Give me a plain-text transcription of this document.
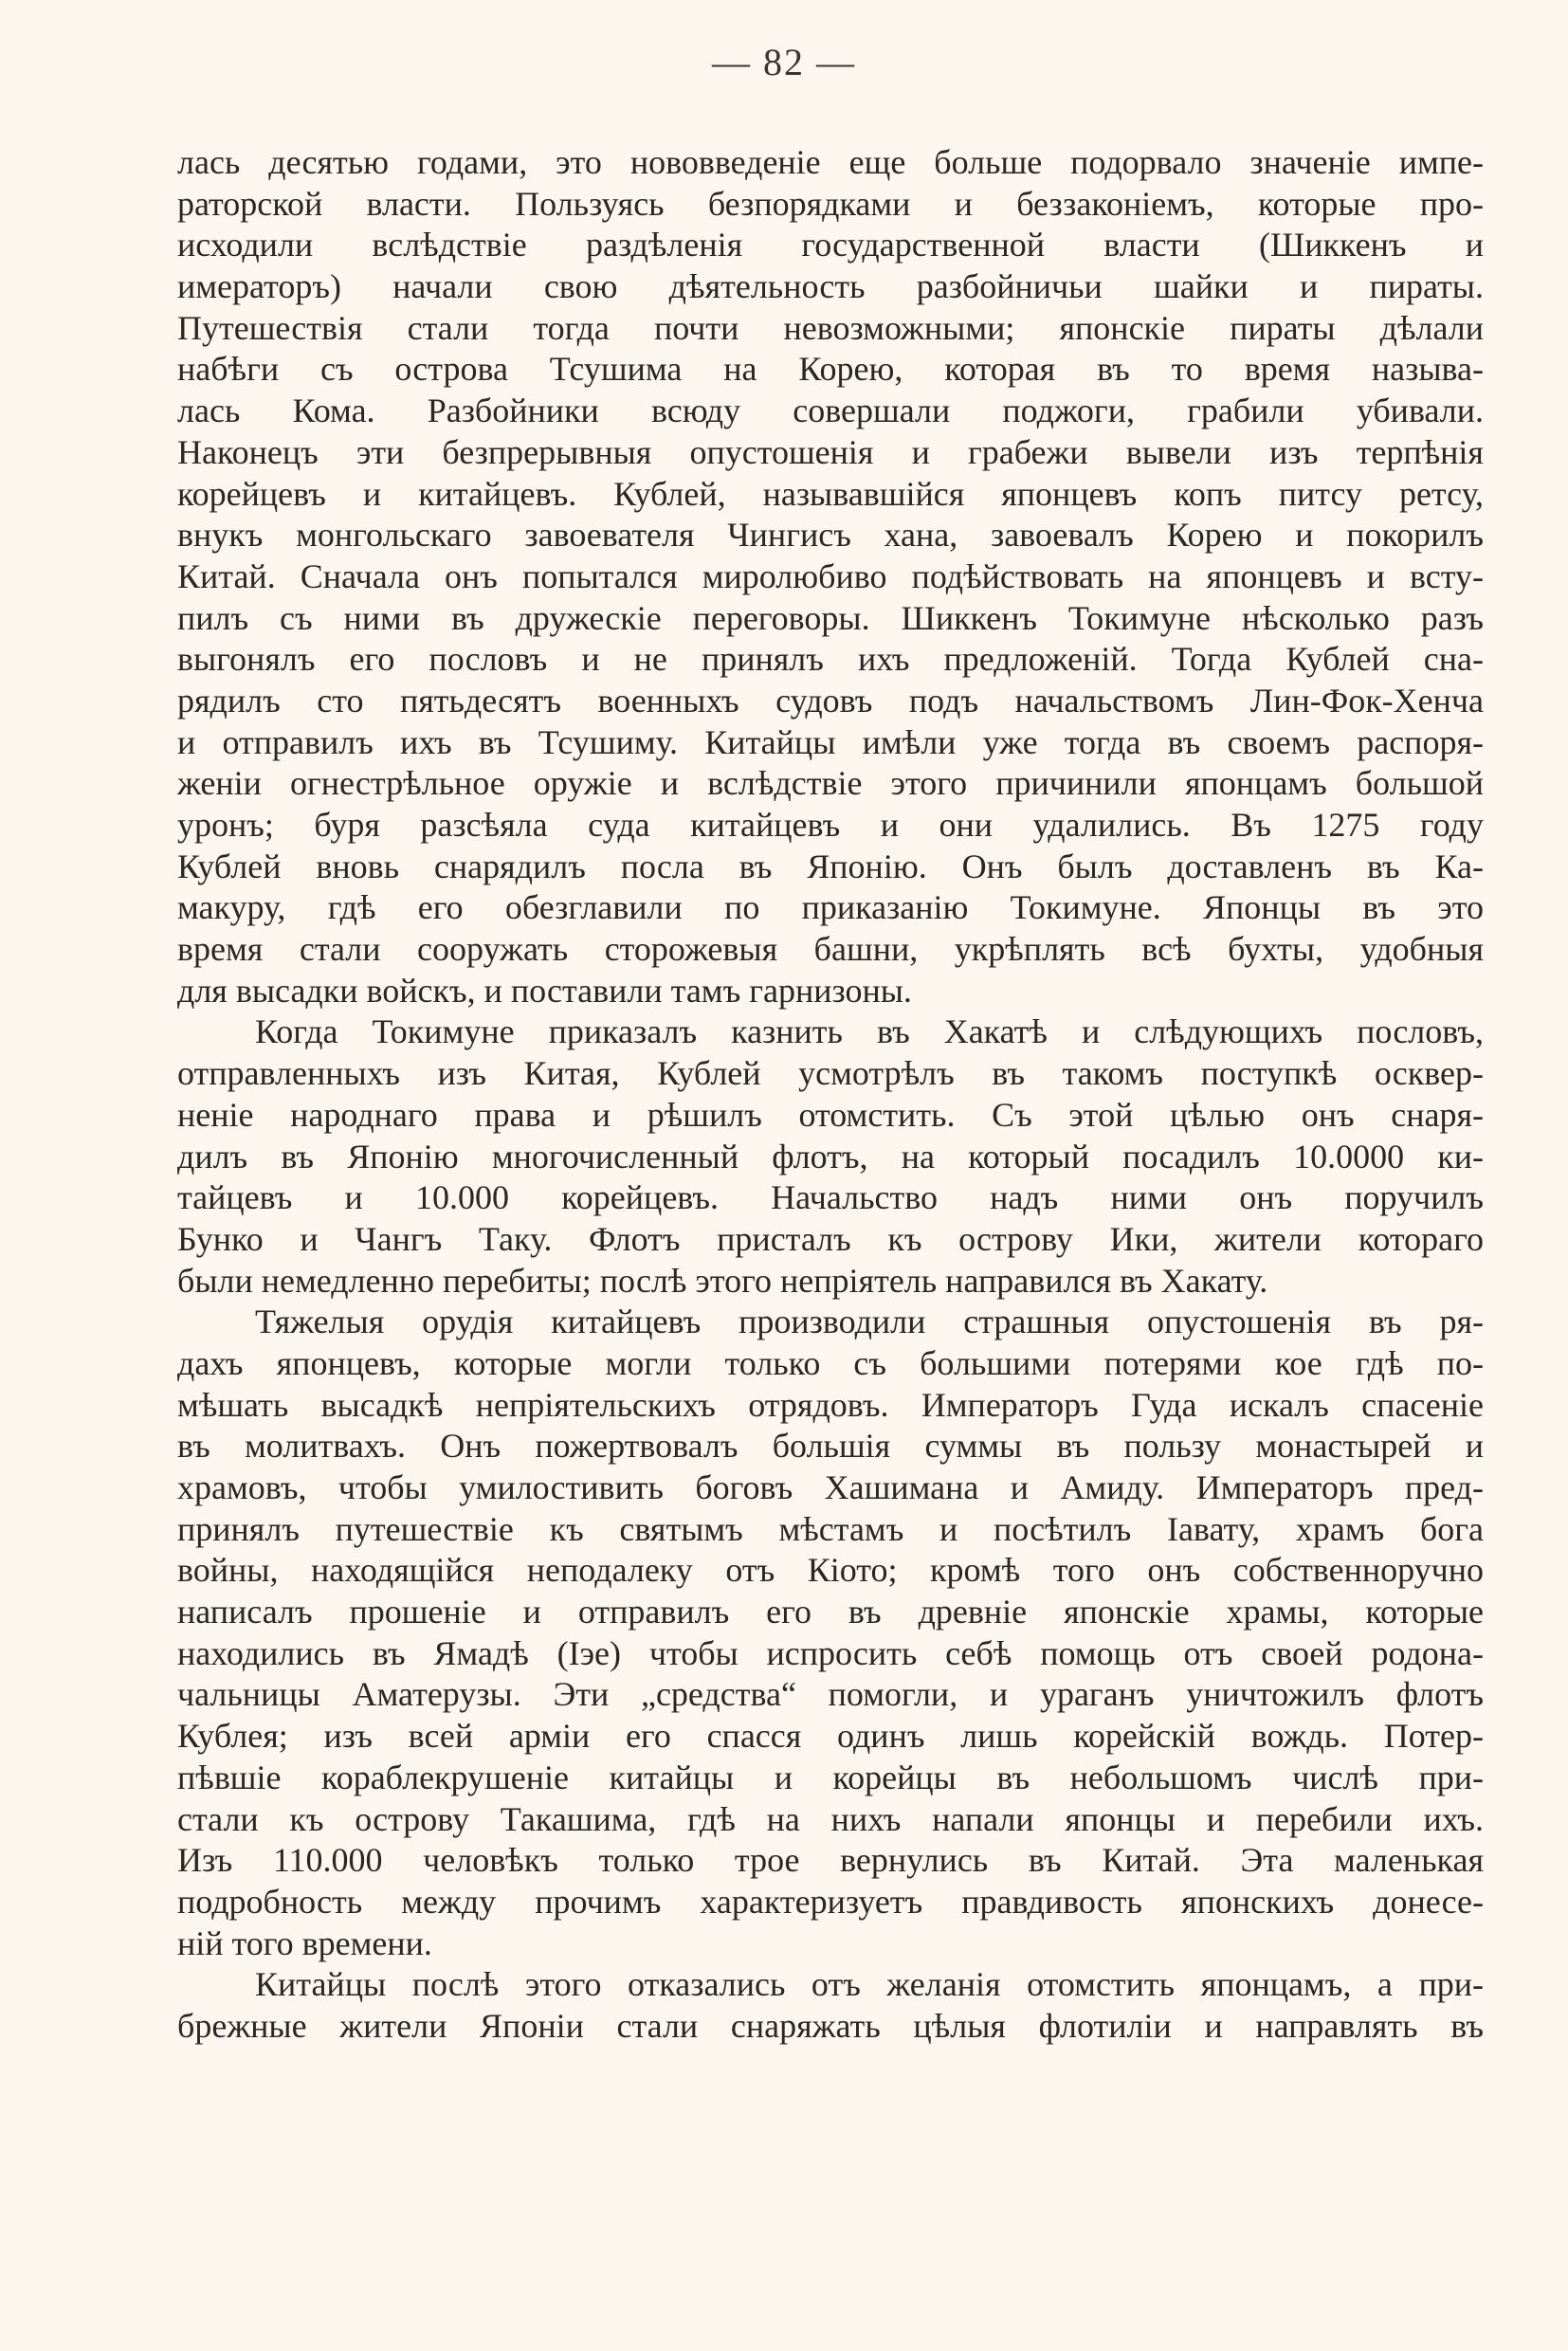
— 82 —
лась десятью годами, это нововведеніе еще больше подорвало значеніе импе-
раторской власти. Пользуясь безпорядками и беззаконіемъ, которые про-
исходили вслѣдствіе раздѣленія государственной власти (Шиккенъ и
имераторъ) начали свою дѣятельность разбойничьи шайки и пираты.
Путешествія стали тогда почти невозможными; японскіе пираты дѣлали
набѣги съ острова Тсушима на Корею, которая въ то время называ-
лась Кома. Разбойники всюду совершали поджоги, грабили убивали.
Наконецъ эти безпрерывныя опустошенія и грабежи вывели изъ терпѣнія
корейцевъ и китайцевъ. Кублей, называвшійся японцевъ копъ питсу ретсу,
внукъ монгольскаго завоевателя Чингисъ хана, завоевалъ Корею и покорилъ
Китай. Сначала онъ попытался миролюбиво подѣйствовать на японцевъ и всту-
пилъ съ ними въ дружескіе переговоры. Шиккенъ Токимуне нѣсколько разъ
выгонялъ его пословъ и не принялъ ихъ предложеній. Тогда Кублей сна-
рядилъ сто пятьдесятъ военныхъ судовъ подъ начальствомъ Лин-Фок-Хенча
и отправилъ ихъ въ Тсушиму. Китайцы имѣли уже тогда въ своемъ распоря-
женіи огнестрѣльное оружіе и вслѣдствіе этого причинили японцамъ большой
уронъ; буря разсѣяла суда китайцевъ и они удалились. Въ 1275 году
Кублей вновь снарядилъ посла въ Японію. Онъ былъ доставленъ въ Ка-
макуру, гдѣ его обезглавили по приказанію Токимуне. Японцы въ это
время стали сооружать сторожевыя башни, укрѣплять всѣ бухты, удобныя
для высадки войскъ, и поставили тамъ гарнизоны.
Когда Токимуне приказалъ казнить въ Хакатѣ и слѣдующихъ пословъ,
отправленныхъ изъ Китая, Кублей усмотрѣлъ въ такомъ поступкѣ осквер-
неніе народнаго права и рѣшилъ отомстить. Съ этой цѣлью онъ снаря-
дилъ въ Японію многочисленный флотъ, на который посадилъ 10.0000 ки-
тайцевъ и 10.000 корейцевъ. Начальство надъ ними онъ поручилъ
Бунко и Чангъ Таку. Флотъ присталъ къ острову Ики, жители котораго
были немедленно перебиты; послѣ этого непріятель направился въ Хакату.
Тяжелыя орудія китайцевъ производили страшныя опустошенія въ ря-
дахъ японцевъ, которые могли только съ большими потерями кое гдѣ по-
мѣшать высадкѣ непріятельскихъ отрядовъ. Императоръ Гуда искалъ спасеніе
въ молитвахъ. Онъ пожертвовалъ большія суммы въ пользу монастырей и
храмовъ, чтобы умилостивить боговъ Хашимана и Амиду. Императоръ пред-
принялъ путешествіе къ святымъ мѣстамъ и посѣтилъ Іавату, храмъ бога
войны, находящійся неподалеку отъ Кіото; кромѣ того онъ собственноручно
написалъ прошеніе и отправилъ его въ древніе японскіе храмы, которые
находились въ Ямадѣ (Іэе) чтобы испросить себѣ помощь отъ своей родона-
чальницы Аматерузы. Эти „средства“ помогли, и ураганъ уничтожилъ флотъ
Кублея; изъ всей арміи его спасся одинъ лишь корейскій вождь. Потер-
пѣвшіе кораблекрушеніе китайцы и корейцы въ небольшомъ числѣ при-
стали къ острову Такашима, гдѣ на нихъ напали японцы и перебили ихъ.
Изъ 110.000 человѣкъ только трое вернулись въ Китай. Эта маленькая
подробность между прочимъ характеризуетъ правдивость японскихъ донесе-
ній того времени.
Китайцы послѣ этого отказались отъ желанія отомстить японцамъ, а при-
брежные жители Японіи стали снаряжать цѣлыя флотиліи и направлять въ
